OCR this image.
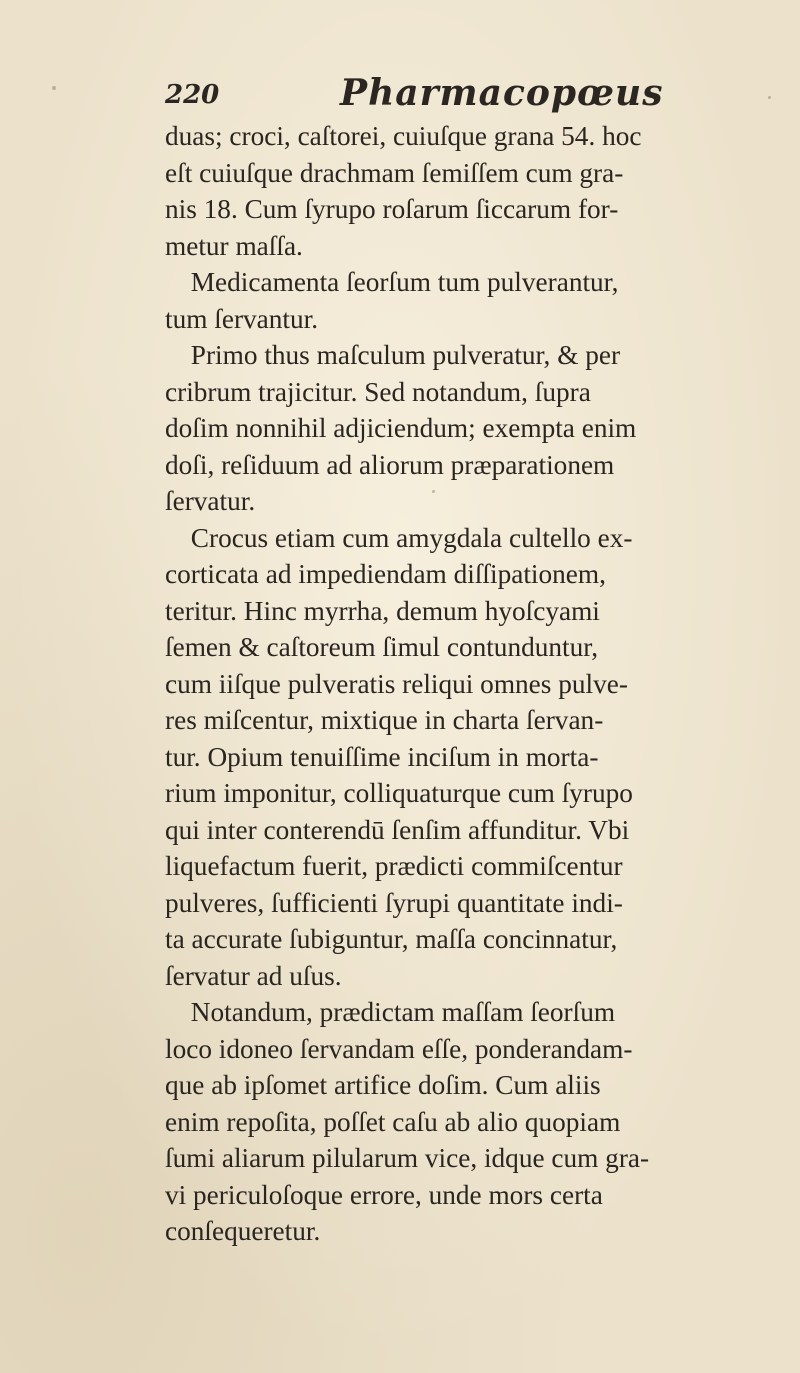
220	Pharmacopœus
duas; croci, caſtorei, cuiuſque grana 54. hoc
eſt cuiuſque drachmam ſemiſſem cum gra-
nis 18. Cum ſyrupo roſarum ſiccarum for-
metur maſſa.
Medicamenta ſeorſum tum pulverantur,
tum ſervantur.
Primo thus maſculum pulveratur, & per
cribrum trajicitur. Sed notandum, ſupra
doſim nonnihil adjiciendum; exempta enim
doſi, reſiduum ad aliorum præparationem
ſervatur.
Crocus etiam cum amygdala cultello ex-
corticata ad impediendam diſſipationem,
teritur. Hinc myrrha, demum hyoſcyami
ſemen & caſtoreum ſimul contunduntur,
cum iiſque pulveratis reliqui omnes pulve-
res miſcentur, mixtique in charta ſervan-
tur. Opium tenuiſſime inciſum in morta-
rium imponitur, colliquaturque cum ſyrupo
qui inter conterendū ſenſim affunditur. Vbi
liquefactum fuerit, prædicti commiſcentur
pulveres, ſufficienti ſyrupi quantitate indi-
ta accurate ſubiguntur, maſſa concinnatur,
ſervatur ad uſus.
Notandum, prædictam maſſam ſeorſum
loco idoneo ſervandam eſſe, ponderandam-
que ab ipſomet artifice doſim. Cum aliis
enim repoſita, poſſet caſu ab alio quopiam
ſumi aliarum pilularum vice, idque cum gra-
vi periculoſoque errore, unde mors certa
conſequeretur.
